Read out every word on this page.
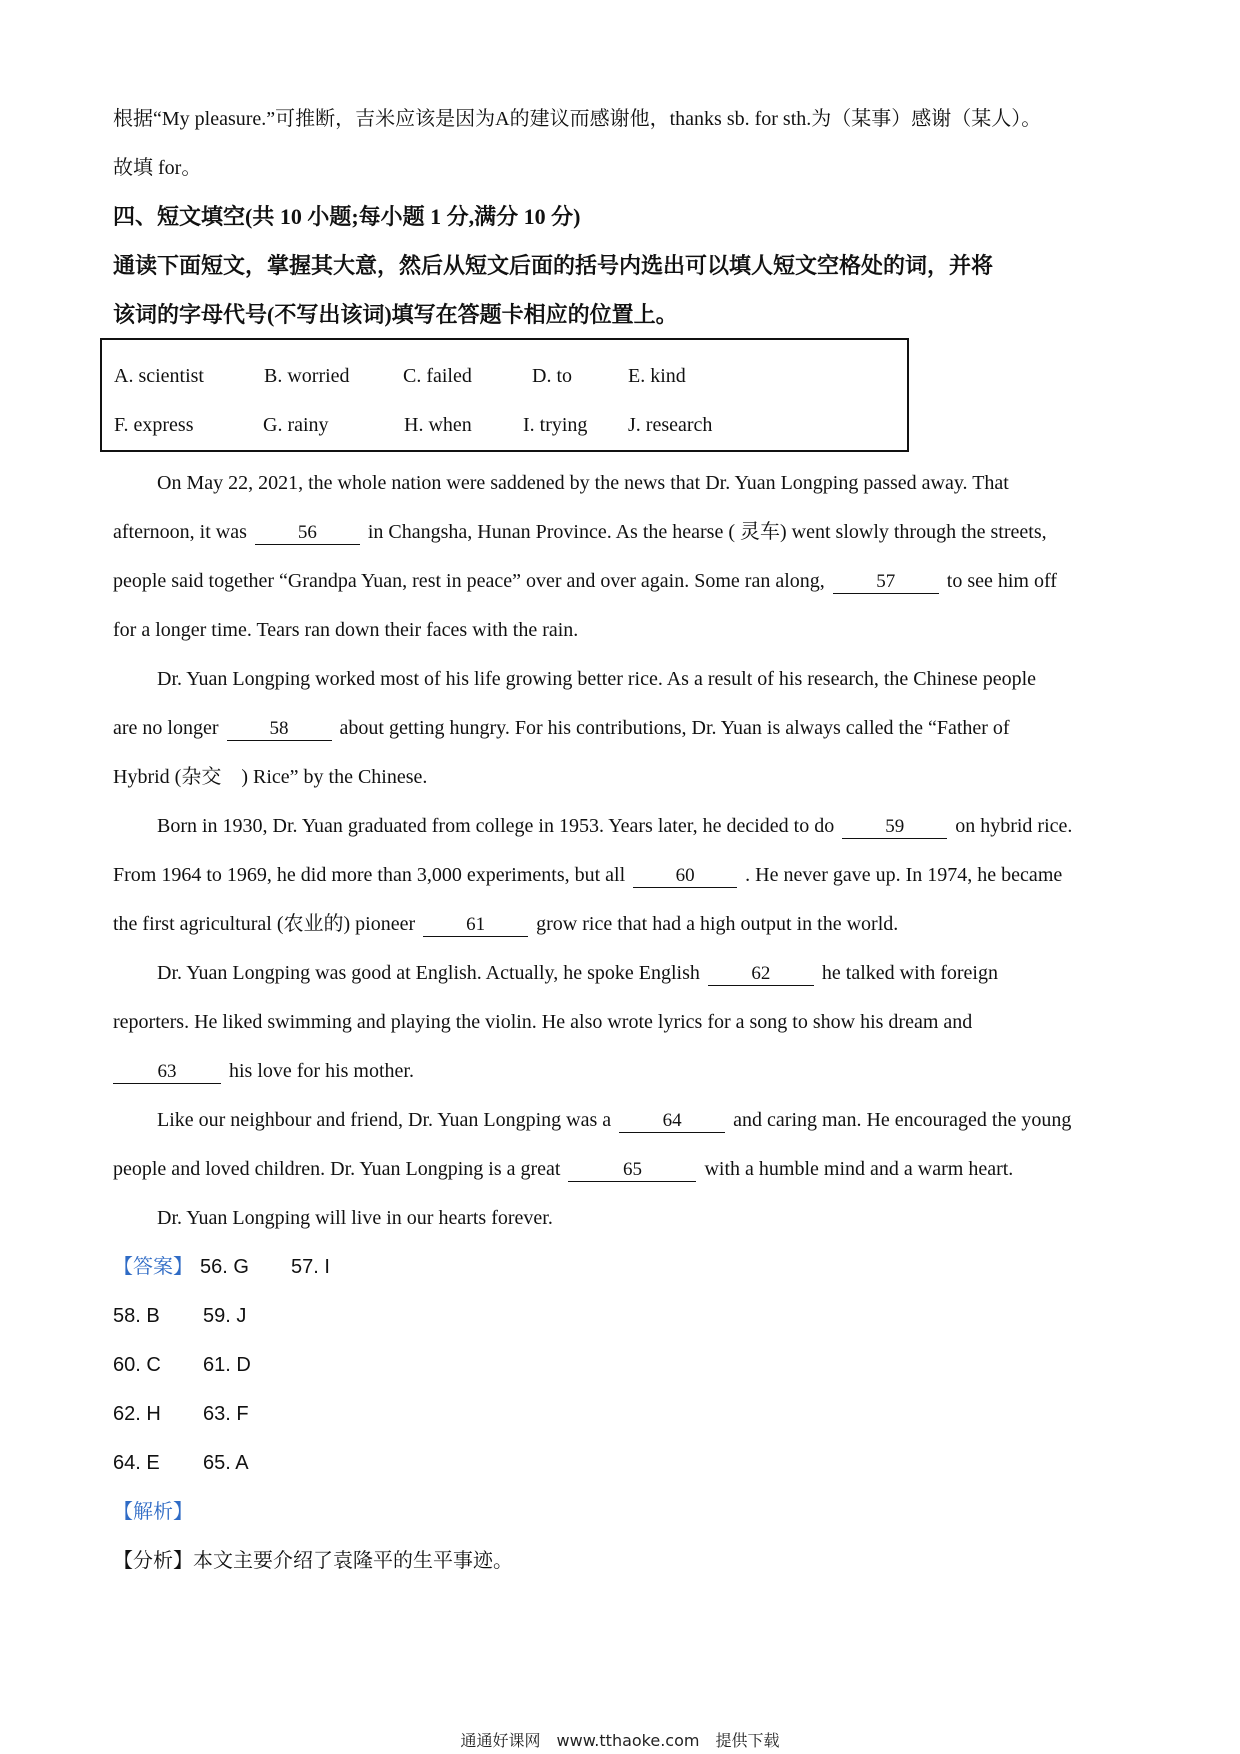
根据“My pleasure.”可推断，吉米应该是因为A的建议而感谢他，thanks sb. for sth.为（某事）感谢（某人）。
故填 for。
四、短文填空(共 10 小题;每小题 1 分,满分 10 分)
通读下面短文，掌握其大意，然后从短文后面的括号内选出可以填人短文空格处的词，并将
该词的字母代号(不写出该词)填写在答题卡相应的位置上。
A. scientist	B. worried	C. failed	D. to	E. kind
F. express	G. rainy	H. when	I. trying J. research
On May 22, 2021, the whole nation were saddened by the news that Dr. Yuan Longping passed away. That
afternoon, it was	56	in Changsha, Hunan Province. As the hearse ( 灵车) went slowly through the streets,
people said together “Grandpa Yuan, rest in peace” over and over again. Some ran along,	57	to see him off
for a longer time. Tears ran down their faces with the rain.
Dr. Yuan Longping worked most of his life growing better rice. As a result of his research, the Chinese people
are no longer	58	about getting hungry. For his contributions, Dr. Yuan is always called the “Father of
Hybrid (杂交　) Rice” by the Chinese.
Born in 1930, Dr. Yuan graduated from college in 1953. Years later, he decided to do	59	on hybrid rice.
From 1964 to 1969, he did more than 3,000 experiments, but all	60	. He never gave up. In 1974, he became
the first agricultural (农业的) pioneer	61	grow rice that had a high output in the world.
Dr. Yuan Longping was good at English. Actually, he spoke English	62	he talked with foreign
reporters. He liked swimming and playing the violin. He also wrote lyrics for a song to show his dream and
63	his love for his mother.
Like our neighbour and friend, Dr. Yuan Longping was a	64	and caring man. He encouraged the young
people and loved children. Dr. Yuan Longping is a great	65	with a humble mind and a warm heart.
Dr. Yuan Longping will live in our hearts forever.
【答案】 56. G 57. I
58. B 59. J
60. C 61. D
62. H 63. F
64. E 65. A
【解析】
【分析】本文主要介绍了袁隆平的生平事迹。
通通好课网　www.tthaoke.com　提供下载
